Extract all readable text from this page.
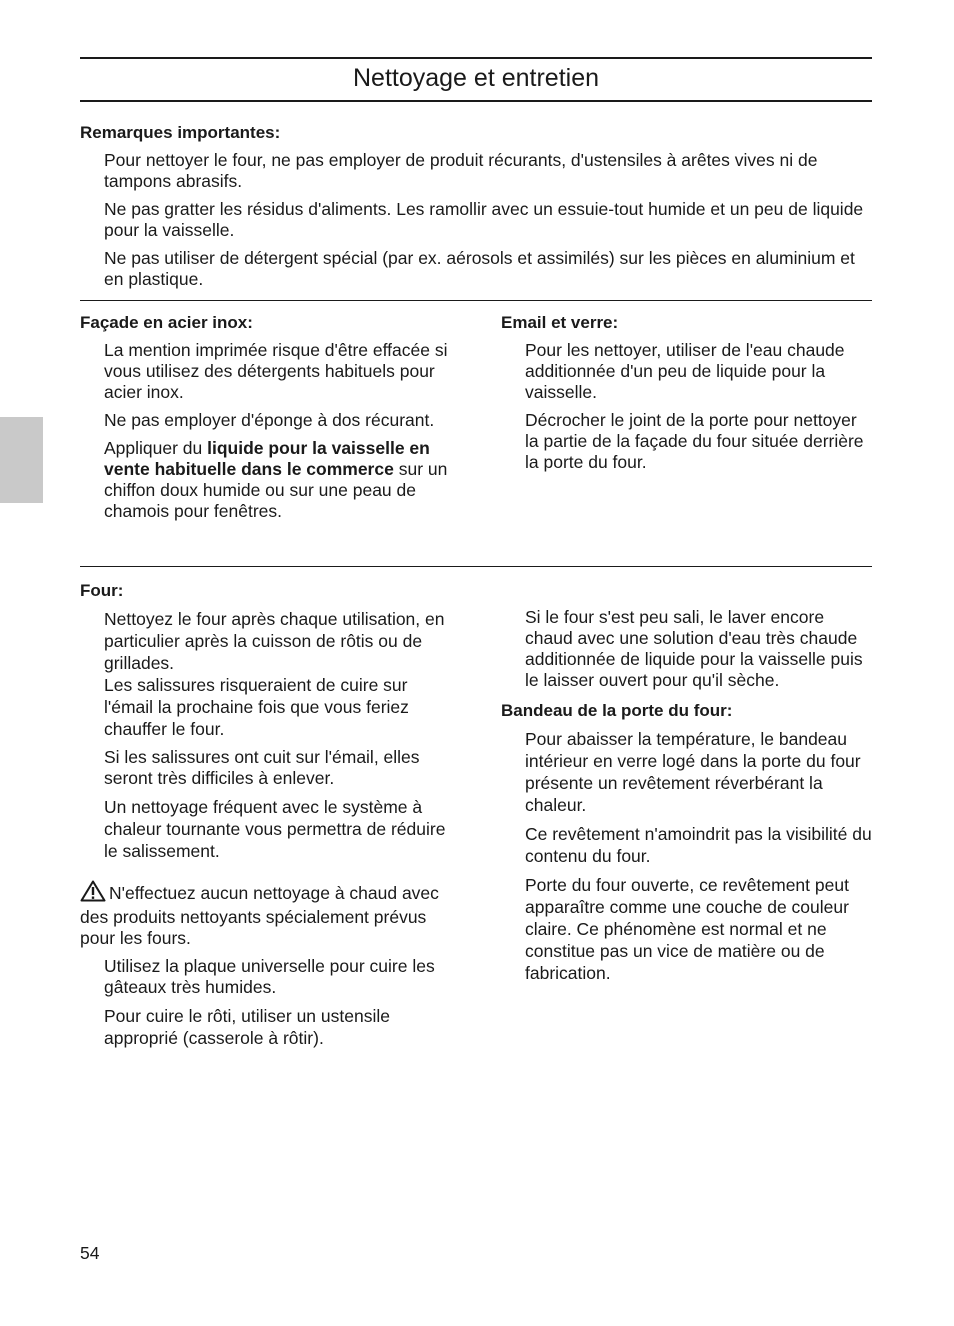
Nettoyage et entretien
Remarques importantes:
Pour nettoyer le four, ne pas employer de produit récurants, d'ustensiles à arêtes vives ni de tampons abrasifs.
Ne pas gratter les résidus d'aliments. Les ramollir avec un essuie-tout humide et un peu de liquide pour la vaisselle.
Ne pas utiliser de détergent spécial (par ex. aérosols et assimilés) sur les pièces en aluminium et en plastique.
Façade en acier inox:
La mention imprimée risque d'être effacée si vous utilisez des détergents habituels pour acier inox.
Ne pas employer d'éponge à dos récurant.
Appliquer du liquide pour la vaisselle en vente habituelle dans le commerce sur un chiffon doux humide ou sur une peau de chamois pour fenêtres.
Email et verre:
Pour les nettoyer, utiliser de l'eau chaude additionnée d'un peu de liquide pour la vaisselle.
Décrocher le joint de la porte pour nettoyer la partie de la façade du four située derrière la porte du four.
Four:
Nettoyez le four après chaque utilisation, en particulier après la cuisson de rôtis ou de grillades.
Les salissures risqueraient de cuire sur l'émail la prochaine fois que vous feriez chauffer le four.
Si les salissures ont cuit sur l'émail, elles seront très difficiles à enlever.
Un nettoyage fréquent avec le système à chaleur tournante vous permettra de réduire le salissement.
N'effectuez aucun nettoyage à chaud avec des produits nettoyants spécialement prévus pour les fours.
Utilisez la plaque universelle pour cuire les gâteaux très humides.
Pour cuire le rôti, utiliser un ustensile approprié (casserole à rôtir).
Si le four s'est peu sali, le laver encore chaud avec une solution d'eau très chaude additionnée de liquide pour la vaisselle puis le laisser ouvert pour qu'il sèche.
Bandeau de la porte du four:
Pour abaisser la température, le bandeau intérieur en verre logé dans la porte du four présente un revêtement réverbérant la chaleur.
Ce revêtement n'amoindrit pas la visibilité du contenu du four.
Porte du four ouverte, ce revêtement peut apparaître comme une couche de couleur claire. Ce phénomène est normal et ne constitue pas un vice de matière ou de fabrication.
54
